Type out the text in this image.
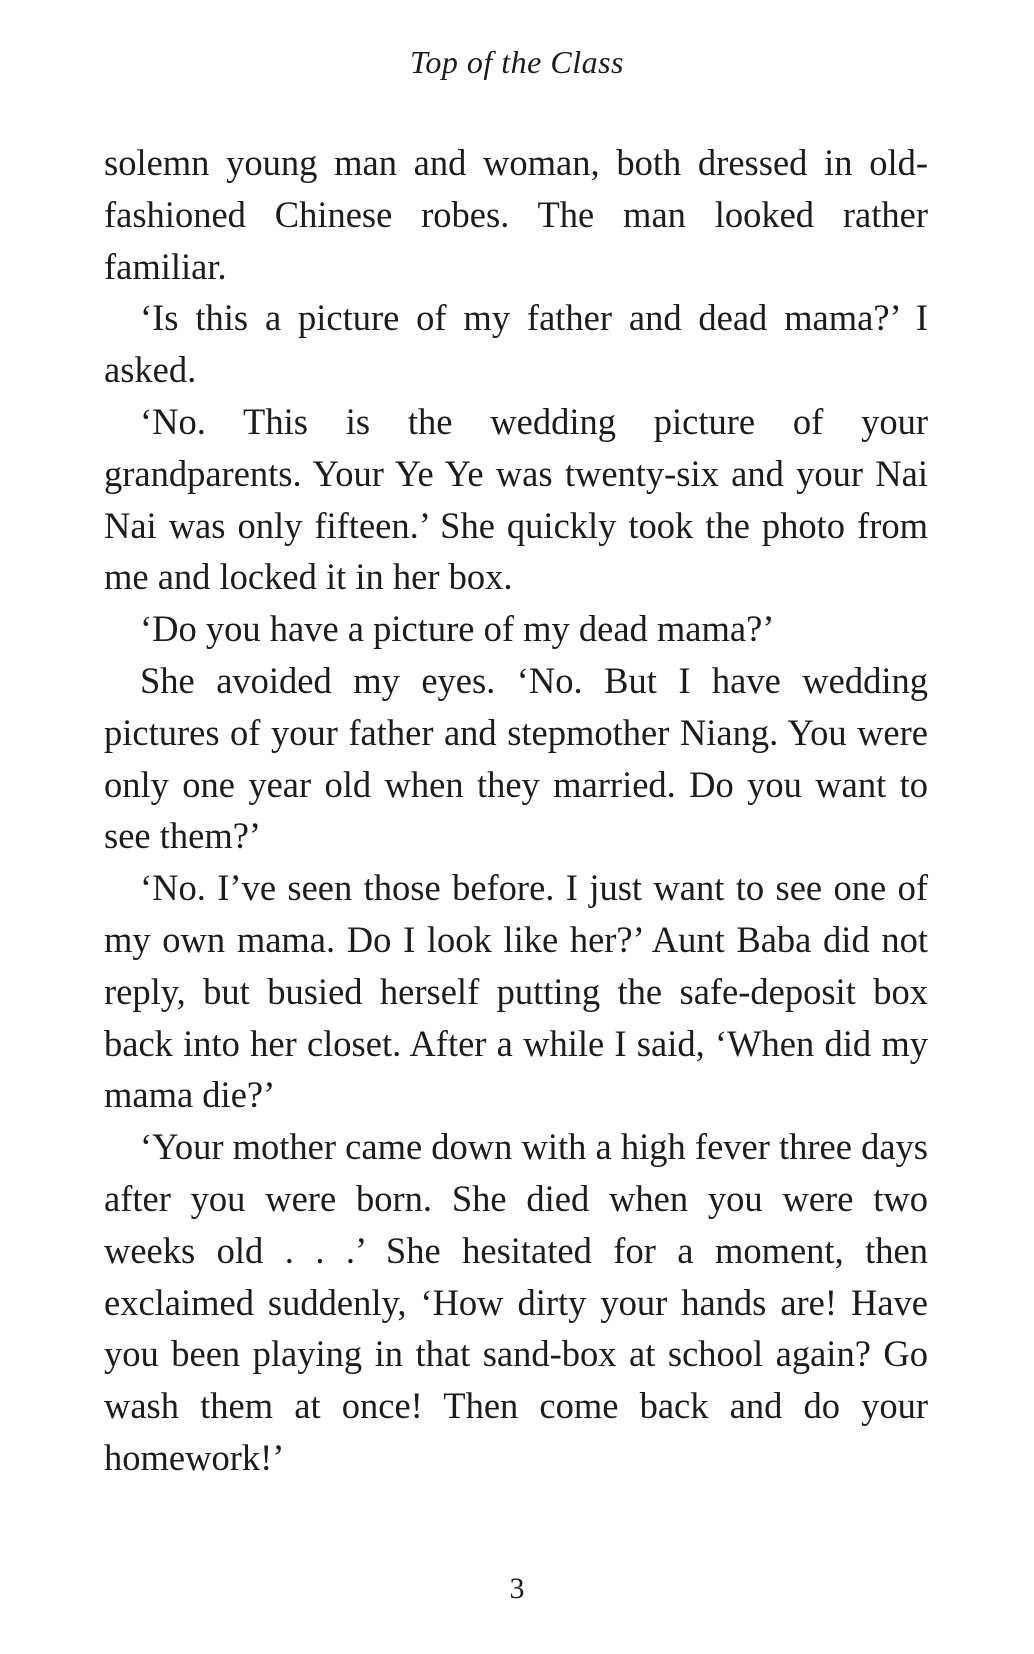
Top of the Class

solemn young man and woman, both dressed in old-fashioned Chinese robes. The man looked rather familiar.

‘Is this a picture of my father and dead mama?’ I asked.

‘No. This is the wedding picture of your grandparents. Your Ye Ye was twenty-six and your Nai Nai was only fifteen.’ She quickly took the photo from me and locked it in her box.

‘Do you have a picture of my dead mama?’

She avoided my eyes. ‘No. But I have wedding pictures of your father and stepmother Niang. You were only one year old when they married. Do you want to see them?’

‘No. I’ve seen those before. I just want to see one of my own mama. Do I look like her?’ Aunt Baba did not reply, but busied herself putting the safe-deposit box back into her closet. After a while I said, ‘When did my mama die?’

‘Your mother came down with a high fever three days after you were born. She died when you were two weeks old . . .’ She hesitated for a moment, then exclaimed suddenly, ‘How dirty your hands are! Have you been playing in that sand-box at school again? Go wash them at once! Then come back and do your homework!’

3
